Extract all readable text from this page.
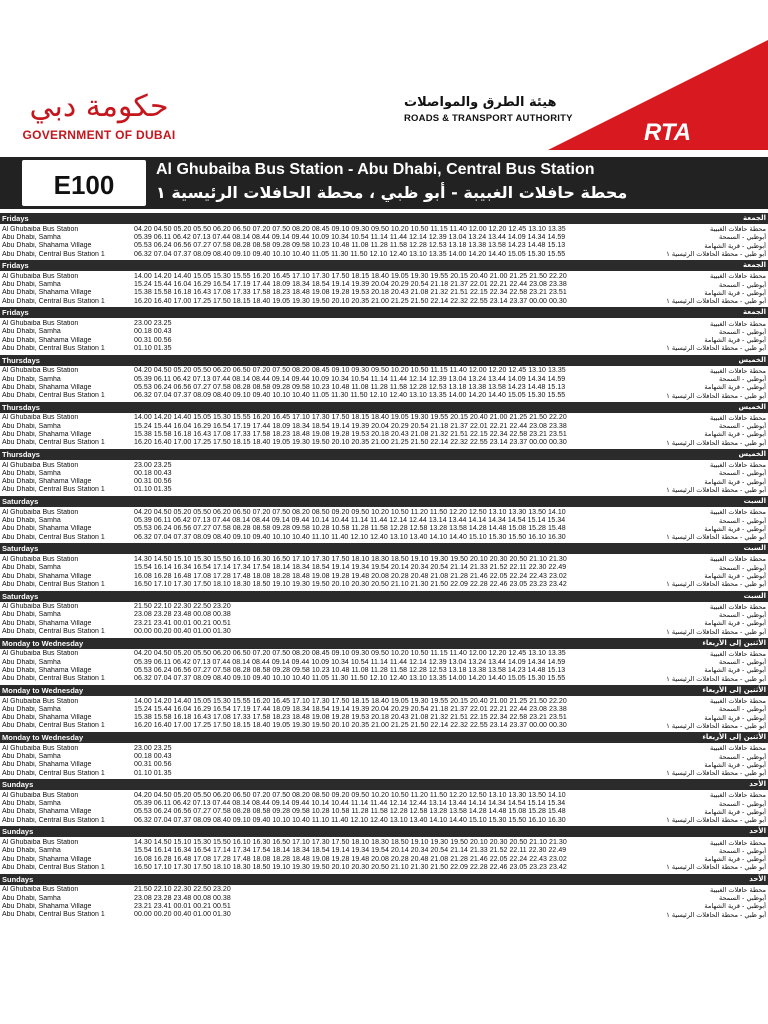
حكومة دبي
GOVERNMENT OF DUBAI
هيئة الطرق والمواصلات
ROADS & TRANSPORT AUTHORITY
RTA
E100
Al Ghubaiba Bus Station - Abu Dhabi, Central Bus Station
محطة حافلات الغبيبة - أبو ظبي ، محطة الحافلات الرئيسية ١
Fridays	الجمعة
Al Ghubaiba Bus Station	04.20 04.50 05.20 05.50 06.20 06.50 07.20 07.50 08.20 08.45 09.10 09.30 09.50 10.20 10.50 11.15 11.40 12.00 12.20 12.45 13.10 13.35	محطة حافلات الغبيبة
Abu Dhabi, Samha	05.39 06.11 06.42 07.13 07.44 08.14 08.44 09.14 09.44 10.09 10.34 10.54 11.14 11.44 12.14 12.39 13.04 13.24 13.44 14.09 14.34 14.59	أبوظبي - السمحة
Abu Dhabi, Shahama Village	05.53 06.24 06.56 07.27 07.58 08.28 08.58 09.28 09.58 10.23 10.48 11.08 11.28 11.58 12.28 12.53 13.18 13.38 13.58 14.23 14.48 15.13	أبوظبي - قرية الشهامة
Abu Dhabi, Central Bus Station 1	06.32 07.04 07.37 08.09 08.40 09.10 09.40 10.10 10.40 11.05 11.30 11.50 12.10 12.40 13.10 13.35 14.00 14.20 14.40 15.05 15.30 15.55	أبو ظبي - محطة الحافلات الرئيسية ١
Fridays	الجمعة
Al Ghubaiba Bus Station	14.00 14.20 14.40 15.05 15.30 15.55 16.20 16.45 17.10 17.30 17.50 18.15 18.40 19.05 19.30 19.55 20.15 20.40 21.00 21.25 21.50 22.20	محطة حافلات الغبيبة
Abu Dhabi, Samha	15.24 15.44 16.04 16.29 16.54 17.19 17.44 18.09 18.34 18.54 19.14 19.39 20.04 20.29 20.54 21.18 21.37 22.01 22.21 22.44 23.08 23.38	أبوظبي - السمحة
Abu Dhabi, Shahama Village	15.38 15.58 16.18 16.43 17.08 17.33 17.58 18.23 18.48 19.08 19.28 19.53 20.18 20.43 21.08 21.32 21.51 22.15 22.34 22.58 23.21 23.51	أبوظبي - قرية الشهامة
Abu Dhabi, Central Bus Station 1	16.20 16.40 17.00 17.25 17.50 18.15 18.40 19.05 19.30 19.50 20.10 20.35 21.00 21.25 21.50 22.14 22.32 22.55 23.14 23.37 00.00 00.30	أبو ظبي - محطة الحافلات الرئيسية ١
Fridays	الجمعة
Al Ghubaiba Bus Station	23.00 23.25	محطة حافلات الغبيبة
Abu Dhabi, Samha	00.18 00.43	أبوظبي - السمحة
Abu Dhabi, Shahama Village	00.31 00.56	أبوظبي - قرية الشهامة
Abu Dhabi, Central Bus Station 1	01.10 01.35	أبو ظبي - محطة الحافلات الرئيسية ١
Thursdays	الخميس
Al Ghubaiba Bus Station	04.20 04.50 05.20 05.50 06.20 06.50 07.20 07.50 08.20 08.45 09.10 09.30 09.50 10.20 10.50 11.15 11.40 12.00 12.20 12.45 13.10 13.35	محطة حافلات الغبيبة
Abu Dhabi, Samha	05.39 06.11 06.42 07.13 07.44 08.14 08.44 09.14 09.44 10.09 10.34 10.54 11.14 11.44 12.14 12.39 13.04 13.24 13.44 14.09 14.34 14.59	أبوظبي - السمحة
Abu Dhabi, Shahama Village	05.53 06.24 06.56 07.27 07.58 08.28 08.58 09.28 09.58 10.23 10.48 11.08 11.28 11.58 12.28 12.53 13.18 13.38 13.58 14.23 14.48 15.13	أبوظبي - قرية الشهامة
Abu Dhabi, Central Bus Station 1	06.32 07.04 07.37 08.09 08.40 09.10 09.40 10.10 10.40 11.05 11.30 11.50 12.10 12.40 13.10 13.35 14.00 14.20 14.40 15.05 15.30 15.55	أبو ظبي - محطة الحافلات الرئيسية ١
Thursdays	الخميس
Al Ghubaiba Bus Station	14.00 14.20 14.40 15.05 15.30 15.55 16.20 16.45 17.10 17.30 17.50 18.15 18.40 19.05 19.30 19.55 20.15 20.40 21.00 21.25 21.50 22.20	محطة حافلات الغبيبة
Abu Dhabi, Samha	15.24 15.44 16.04 16.29 16.54 17.19 17.44 18.09 18.34 18.54 19.14 19.39 20.04 20.29 20.54 21.18 21.37 22.01 22.21 22.44 23.08 23.38	أبوظبي - السمحة
Abu Dhabi, Shahama Village	15.38 15.58 16.18 16.43 17.08 17.33 17.58 18.23 18.48 19.08 19.28 19.53 20.18 20.43 21.08 21.32 21.51 22.15 22.34 22.58 23.21 23.51	أبوظبي - قرية الشهامة
Abu Dhabi, Central Bus Station 1	16.20 16.40 17.00 17.25 17.50 18.15 18.40 19.05 19.30 19.50 20.10 20.35 21.00 21.25 21.50 22.14 22.32 22.55 23.14 23.37 00.00 00.30	أبو ظبي - محطة الحافلات الرئيسية ١
Thursdays	الخميس
Al Ghubaiba Bus Station	23.00 23.25	محطة حافلات الغبيبة
Abu Dhabi, Samha	00.18 00.43	أبوظبي - السمحة
Abu Dhabi, Shahama Village	00.31 00.56	أبوظبي - قرية الشهامة
Abu Dhabi, Central Bus Station 1	01.10 01.35	أبو ظبي - محطة الحافلات الرئيسية ١
Saturdays	السبت
Al Ghubaiba Bus Station	04.20 04.50 05.20 05.50 06.20 06.50 07.20 07.50 08.20 08.50 09.20 09.50 10.20 10.50 11.20 11.50 12.20 12.50 13.10 13.30 13.50 14.10	محطة حافلات الغبيبة
Abu Dhabi, Samha	05.39 06.11 06.42 07.13 07.44 08.14 08.44 09.14 09.44 10.14 10.44 11.14 11.44 12.14 12.44 13.14 13.44 14.14 14.34 14.54 15.14 15.34	أبوظبي - السمحة
Abu Dhabi, Shahama Village	05.53 06.24 06.56 07.27 07.58 08.28 08.58 09.28 09.58 10.28 10.58 11.28 11.58 12.28 12.58 13.28 13.58 14.28 14.48 15.08 15.28 15.48	أبوظبي - قرية الشهامة
Abu Dhabi, Central Bus Station 1	06.32 07.04 07.37 08.09 08.40 09.10 09.40 10.10 10.40 11.10 11.40 12.10 12.40 13.10 13.40 14.10 14.40 15.10 15.30 15.50 16.10 16.30	أبو ظبي - محطة الحافلات الرئيسية ١
Saturdays	السبت
Al Ghubaiba Bus Station	14.30 14.50 15.10 15.30 15.50 16.10 16.30 16.50 17.10 17.30 17.50 18.10 18.30 18.50 19.10 19.30 19.50 20.10 20.30 20.50 21.10 21.30	محطة حافلات الغبيبة
Abu Dhabi, Samha	15.54 16.14 16.34 16.54 17.14 17.34 17.54 18.14 18.34 18.54 19.14 19.34 19.54 20.14 20.34 20.54 21.14 21.33 21.52 22.11 22.30 22.49	أبوظبي - السمحة
Abu Dhabi, Shahama Village	16.08 16.28 16.48 17.08 17.28 17.48 18.08 18.28 18.48 19.08 19.28 19.48 20.08 20.28 20.48 21.08 21.28 21.46 22.05 22.24 22.43 23.02	أبوظبي - قرية الشهامة
Abu Dhabi, Central Bus Station 1	16.50 17.10 17.30 17.50 18.10 18.30 18.50 19.10 19.30 19.50 20.10 20.30 20.50 21.10 21.30 21.50 22.09 22.28 22.46 23.05 23.23 23.42	أبو ظبي - محطة الحافلات الرئيسية ١
Saturdays	السبت
Al Ghubaiba Bus Station	21.50 22.10 22.30 22.50 23.20	محطة حافلات الغبيبة
Abu Dhabi, Samha	23.08 23.28 23.48 00.08 00.38	أبوظبي - السمحة
Abu Dhabi, Shahama Village	23.21 23.41 00.01 00.21 00.51	أبوظبي - قرية الشهامة
Abu Dhabi, Central Bus Station 1	00.00 00.20 00.40 01.00 01.30	أبو ظبي - محطة الحافلات الرئيسية ١
Monday to Wednesday	الأثنين إلى الأربعاء
Al Ghubaiba Bus Station	04.20 04.50 05.20 05.50 06.20 06.50 07.20 07.50 08.20 08.45 09.10 09.30 09.50 10.20 10.50 11.15 11.40 12.00 12.20 12.45 13.10 13.35	محطة حافلات الغبيبة
Abu Dhabi, Samha	05.39 06.11 06.42 07.13 07.44 08.14 08.44 09.14 09.44 10.09 10.34 10.54 11.14 11.44 12.14 12.39 13.04 13.24 13.44 14.09 14.34 14.59	أبوظبي - السمحة
Abu Dhabi, Shahama Village	05.53 06.24 06.56 07.27 07.58 08.28 08.58 09.28 09.58 10.23 10.48 11.08 11.28 11.58 12.28 12.53 13.18 13.38 13.58 14.23 14.48 15.13	أبوظبي - قرية الشهامة
Abu Dhabi, Central Bus Station 1	06.32 07.04 07.37 08.09 08.40 09.10 09.40 10.10 10.40 11.05 11.30 11.50 12.10 12.40 13.10 13.35 14.00 14.20 14.40 15.05 15.30 15.55	أبو ظبي - محطة الحافلات الرئيسية ١
Monday to Wednesday	الأثنين إلى الأربعاء
Al Ghubaiba Bus Station	14.00 14.20 14.40 15.05 15.30 15.55 16.20 16.45 17.10 17.30 17.50 18.15 18.40 19.05 19.30 19.55 20.15 20.40 21.00 21.25 21.50 22.20	محطة حافلات الغبيبة
Abu Dhabi, Samha	15.24 15.44 16.04 16.29 16.54 17.19 17.44 18.09 18.34 18.54 19.14 19.39 20.04 20.29 20.54 21.18 21.37 22.01 22.21 22.44 23.08 23.38	أبوظبي - السمحة
Abu Dhabi, Shahama Village	15.38 15.58 16.18 16.43 17.08 17.33 17.58 18.23 18.48 19.08 19.28 19.53 20.18 20.43 21.08 21.32 21.51 22.15 22.34 22.58 23.21 23.51	أبوظبي - قرية الشهامة
Abu Dhabi, Central Bus Station 1	16.20 16.40 17.00 17.25 17.50 18.15 18.40 19.05 19.30 19.50 20.10 20.35 21.00 21.25 21.50 22.14 22.32 22.55 23.14 23.37 00.00 00.30	أبو ظبي - محطة الحافلات الرئيسية ١
Monday to Wednesday	الأثنين إلى الأربعاء
Al Ghubaiba Bus Station	23.00 23.25	محطة حافلات الغبيبة
Abu Dhabi, Samha	00.18 00.43	أبوظبي - السمحة
Abu Dhabi, Shahama Village	00.31 00.56	أبوظبي - قرية الشهامة
Abu Dhabi, Central Bus Station 1	01.10 01.35	أبو ظبي - محطة الحافلات الرئيسية ١
Sundays	الأحد
Al Ghubaiba Bus Station	04.20 04.50 05.20 05.50 06.20 06.50 07.20 07.50 08.20 08.50 09.20 09.50 10.20 10.50 11.20 11.50 12.20 12.50 13.10 13.30 13.50 14.10	محطة حافلات الغبيبة
Abu Dhabi, Samha	05.39 06.11 06.42 07.13 07.44 08.14 08.44 09.14 09.44 10.14 10.44 11.14 11.44 12.14 12.44 13.14 13.44 14.14 14.34 14.54 15.14 15.34	أبوظبي - السمحة
Abu Dhabi, Shahama Village	05.53 06.24 06.56 07.27 07.58 08.28 08.58 09.28 09.58 10.28 10.58 11.28 11.58 12.28 12.58 13.28 13.58 14.28 14.48 15.08 15.28 15.48	أبوظبي - قرية الشهامة
Abu Dhabi, Central Bus Station 1	06.32 07.04 07.37 08.09 08.40 09.10 09.40 10.10 10.40 11.10 11.40 12.10 12.40 13.10 13.40 14.10 14.40 15.10 15.30 15.50 16.10 16.30	أبو ظبي - محطة الحافلات الرئيسية ١
Sundays	الأحد
Al Ghubaiba Bus Station	14.30 14.50 15.10 15.30 15.50 16.10 16.30 16.50 17.10 17.30 17.50 18.10 18.30 18.50 19.10 19.30 19.50 20.10 20.30 20.50 21.10 21.30	محطة حافلات الغبيبة
Abu Dhabi, Samha	15.54 16.14 16.34 16.54 17.14 17.34 17.54 18.14 18.34 18.54 19.14 19.34 19.54 20.14 20.34 20.54 21.14 21.33 21.52 22.11 22.30 22.49	أبوظبي - السمحة
Abu Dhabi, Shahama Village	16.08 16.28 16.48 17.08 17.28 17.48 18.08 18.28 18.48 19.08 19.28 19.48 20.08 20.28 20.48 21.08 21.28 21.46 22.05 22.24 22.43 23.02	أبوظبي - قرية الشهامة
Abu Dhabi, Central Bus Station 1	16.50 17.10 17.30 17.50 18.10 18.30 18.50 19.10 19.30 19.50 20.10 20.30 20.50 21.10 21.30 21.50 22.09 22.28 22.46 23.05 23.23 23.42	أبو ظبي - محطة الحافلات الرئيسية ١
Sundays	الأحد
Al Ghubaiba Bus Station	21.50 22.10 22.30 22.50 23.20	محطة حافلات الغبيبة
Abu Dhabi, Samha	23.08 23.28 23.48 00.08 00.38	أبوظبي - السمحة
Abu Dhabi, Shahama Village	23.21 23.41 00.01 00.21 00.51	أبوظبي - قرية الشهامة
Abu Dhabi, Central Bus Station 1	00.00 00.20 00.40 01.00 01.30	أبو ظبي - محطة الحافلات الرئيسية ١
